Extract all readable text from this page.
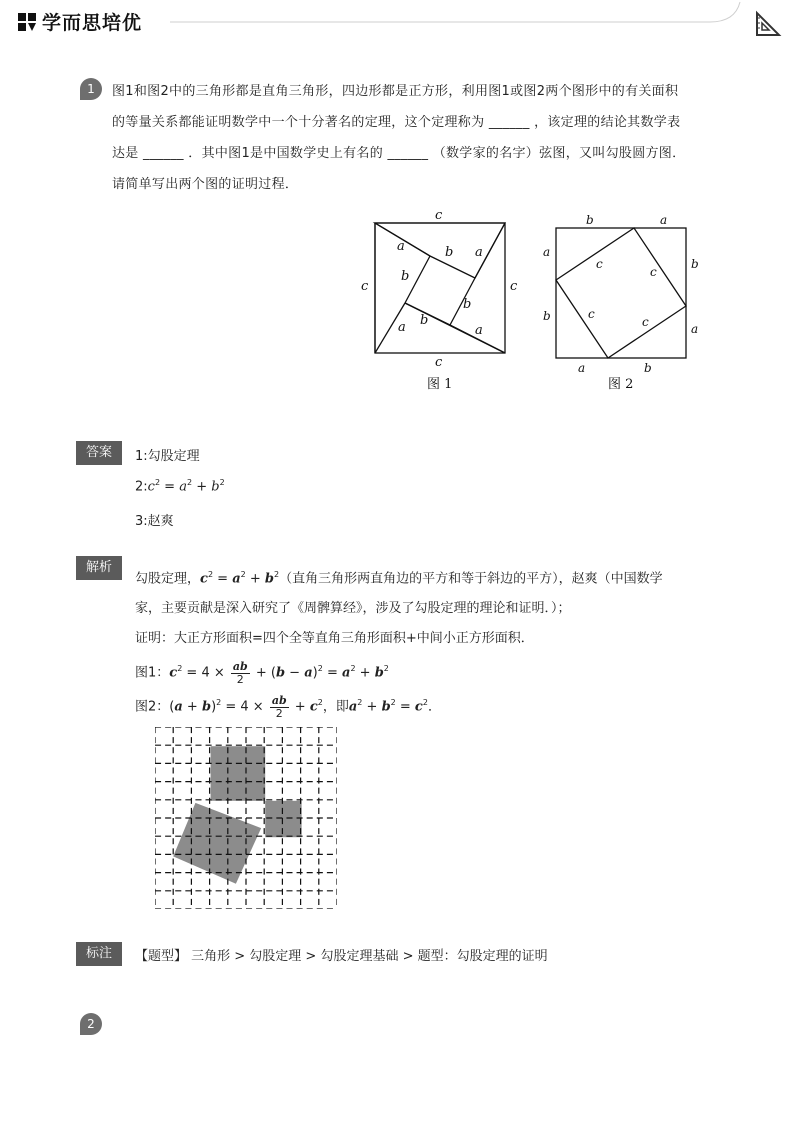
学而思培优
1	图1和图2中的三角形都是直角三角形，四边形都是正方形，利用图1或图2两个图形中的有关面积
的等量关系都能证明数学中一个十分著名的定理，这个定理称为 ______ ，该定理的结论其数学表
达是 ______ ．其中图1是中国数学史上有名的 ______ （数学家的名字）弦图，又叫勾股圆方图．
请简单写出两个图的证明过程．
c
c	c
c
a	b
b
a
b
a	a
b
图 1
b	a
a
b
b
a
a	b
c
c
c
c
图 2
答案	1:勾股定理
$2:c^2 = a^2 + b^2$
3:赵爽
解析
勾股定理，$c^2 = a^2 + b^2$（直角三角形两直角边的平方和等于斜边的平方），赵爽（中国数学
家，主要贡献是深入研究了《周髀算经》，涉及了勾股定理的理论和证明．）；
证明：大正方形面积=四个全等直角三角形面积+中间小正方形面积．
图1：$c^2 = 4 \times \frac{ab}{2} + (b - a)^2 = a^2 + b^2$
图2：$(a + b)^2 = 4 \times \frac{ab}{2} + c^2$，即$a^2 + b^2 = c^2$．
标注	【题型】 三角形 > 勾股定理 > 勾股定理基础 > 题型：勾股定理的证明
2
